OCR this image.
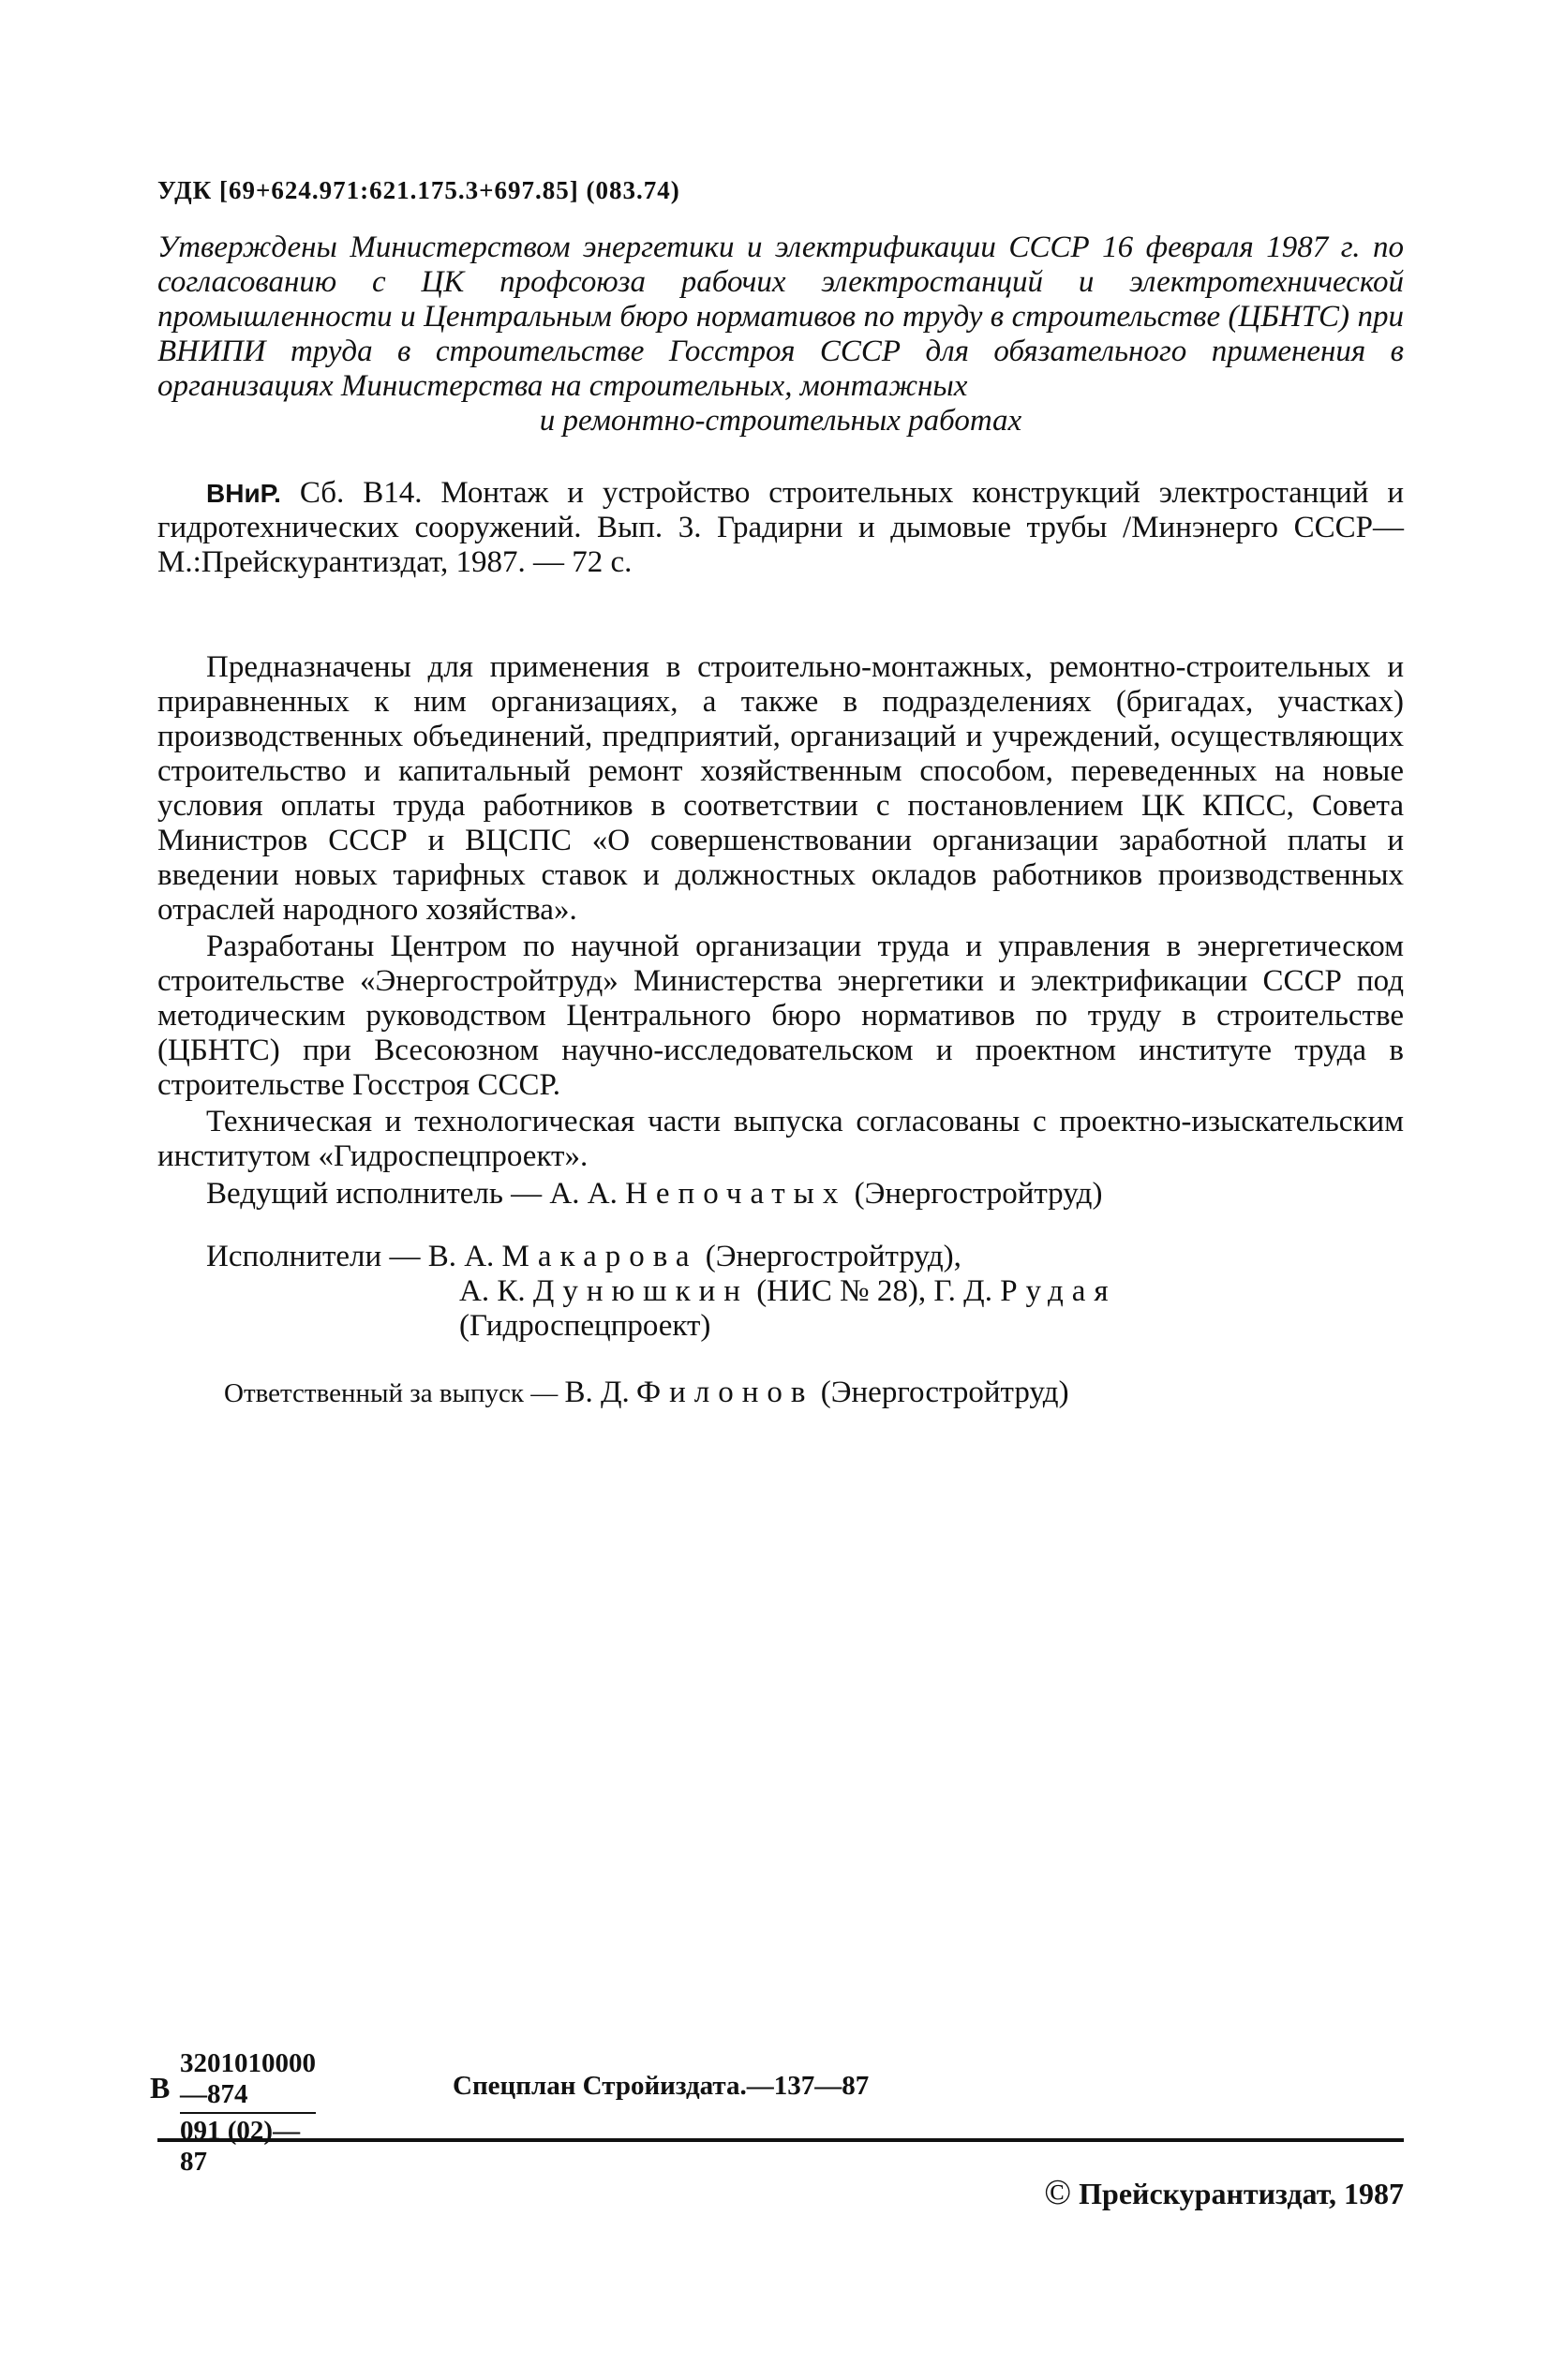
УДК [69+624.971:621.175.3+697.85] (083.74)
Утверждены Министерством энергетики и электрификации СССР 16 февраля 1987 г. по согласованию с ЦК профсоюза рабочих электростанций и электротехнической промышленности и Центральным бюро нормативов по труду в строительстве (ЦБНТС) при ВНИПИ труда в строительстве Госстроя СССР для обязательного применения в организациях Министерства на строительных, монтажных
и ремонтно-строительных работах
ВНиР. Сб. В14. Монтаж и устройство строительных конструкций электростанций и гидротехнических сооружений. Вып. 3. Градирни и дымовые трубы /Минэнерго СССР—М.:Прейскурантиздат, 1987. — 72 с.

Предназначены для применения в строительно-монтажных, ремонтно-строительных и приравненных к ним организациях, а также в подразделениях (бригадах, участках) производственных объединений, предприятий, организаций и учреждений, осуществляющих строительство и капитальный ремонт хозяйственным способом, переведенных на новые условия оплаты труда работников в соответствии с постановлением ЦК КПСС, Совета Министров СССР и ВЦСПС «О совершенствовании организации заработной платы и введении новых тарифных ставок и должностных окладов работников производственных отраслей народного хозяйства».

Разработаны Центром по научной организации труда и управления в энергетическом строительстве «Энергостройтруд» Министерства энергетики и электрификации СССР под методическим руководством Центрального бюро нормативов по труду в строительстве (ЦБНТС) при Всесоюзном научно-исследовательском и проектном институте труда в строительстве Госстроя СССР.

Техническая и технологическая части выпуска согласованы с проектно-изыскательским институтом «Гидроспецпроект».

Ведущий исполнитель — А. А. Непочатых (Энергостройтруд)
Исполнители — В. А. Макарова (Энергостройтруд),
А. К. Дунюшкин (НИС № 28), Г. Д. Рудая
(Гидроспецпроект)
Ответственный за выпуск — В. Д. Филонов (Энергостройтруд)
В $\frac{3201010000—874}{091 (02)—87}$	Спецплан Стройиздата.—137—87
© Прейскурантиздат, 1987
